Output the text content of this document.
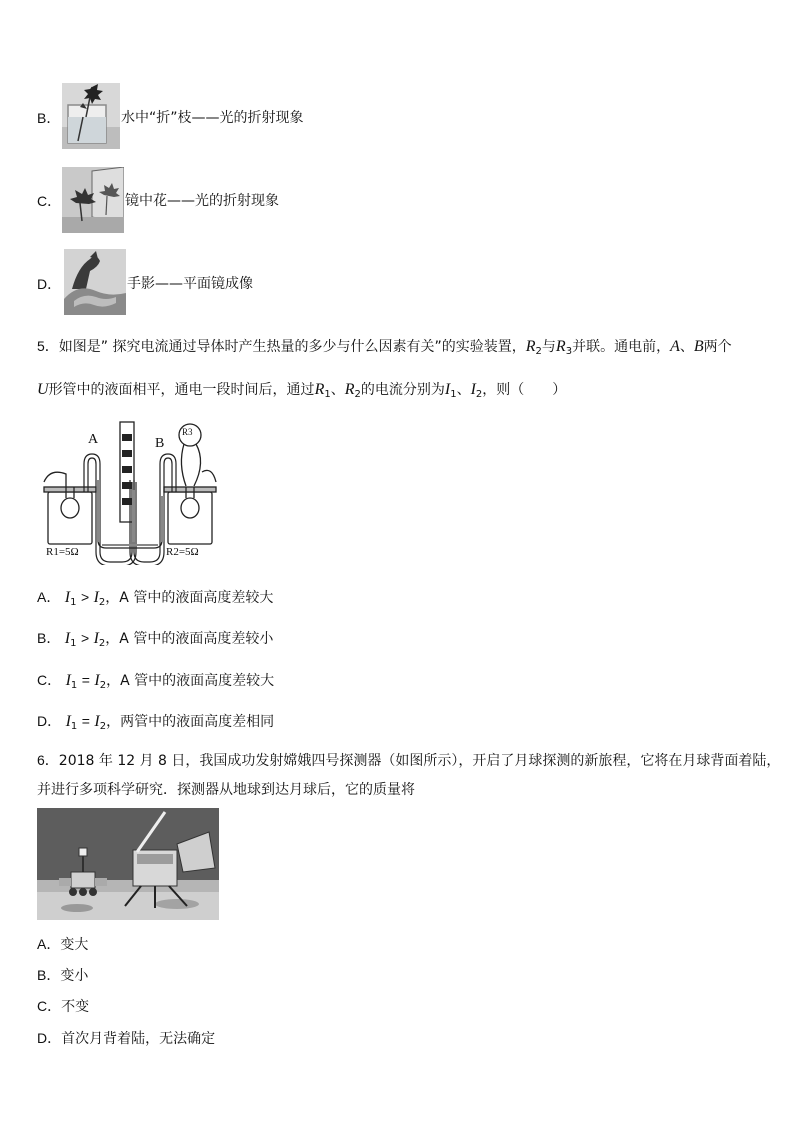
B．	水中“折”枝——光的折射现象
C．	镜中花——光的折射现象
D．	手影——平面镜成像
5．如图是” 探究电流通过导体时产生热量的多少与什么因素有关”的实验装置，$R_2$与$R_3$并联。通电前，A、B两个
U形管中的液面相平，通电一段时间后，通过$R_1$、$R_2$的电流分别为$I_1$、$I_2$，则（　　）
A	B
R3
R1=5Ω	R2=5Ω
A． $I_1 > I_2$，A 管中的液面高度差较大
B． $I_1 > I_2$，A 管中的液面高度差较小
C． $I_1 = I_2$，A 管中的液面高度差较大
D． $I_1 = I_2$，两管中的液面高度差相同
6．2018 年 12 月 8 日，我国成功发射嫦娥四号探测器（如图所示），开启了月球探测的新旅程，它将在月球背面着陆，
并进行多项科学研究．探测器从地球到达月球后，它的质量将
A．变大
B．变小
C．不变
D．首次月背着陆，无法确定
